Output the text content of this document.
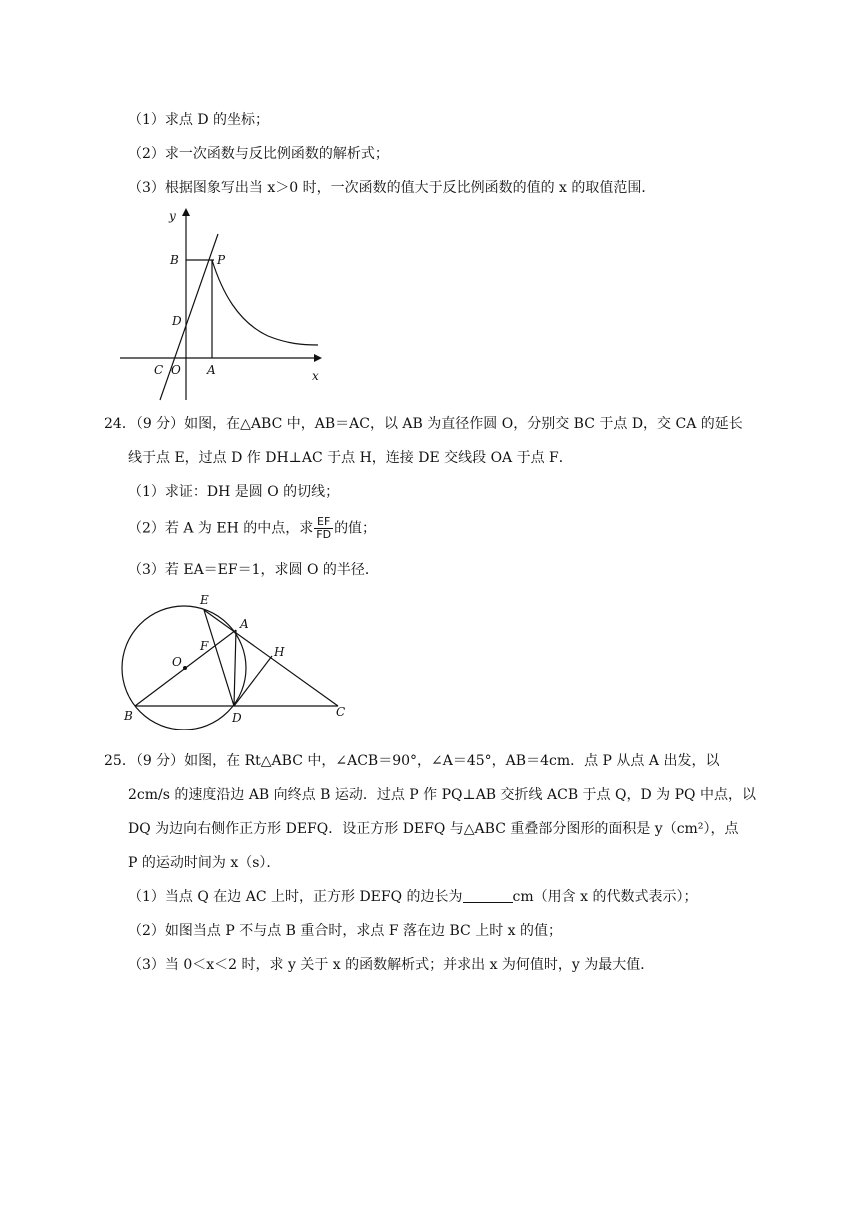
（1）求点 D 的坐标；
（2）求一次函数与反比例函数的解析式；
（3）根据图象写出当 x＞0 时，一次函数的值大于反比例函数的值的 x 的取值范围．
y
x
B	P
D
C O A
24．（9 分）如图，在△ABC 中，AB＝AC，以 AB 为直径作圆 O，分别交 BC 于点 D，交 CA 的延长
线于点 E，过点 D 作 DH⊥AC 于点 H，连接 DE 交线段 OA 于点 F．
（1）求证：DH 是圆 O 的切线；
（2）若 A 为 EH 的中点，求 $\frac{EF}{FD}$ 的值；
（3）若 EA＝EF＝1，求圆 O 的半径．
E
A
F
O
H
B	D	C
25．（9 分）如图，在 Rt△ABC 中，∠ACB＝90°，∠A＝45°，AB＝4cm．点 P 从点 A 出发，以
2cm/s 的速度沿边 AB 向终点 B 运动．过点 P 作 PQ⊥AB 交折线 ACB 于点 Q，D 为 PQ 中点，以
DQ 为边向右侧作正方形 DEFQ．设正方形 DEFQ 与△ABC 重叠部分图形的面积是 y（cm²），点
P 的运动时间为 x（s）．
（1）当点 Q 在边 AC 上时，正方形 DEFQ 的边长为	cm（用含 x 的代数式表示）；
（2）如图当点 P 不与点 B 重合时，求点 F 落在边 BC 上时 x 的值；
（3）当 0＜x＜2 时，求 y 关于 x 的函数解析式；并求出 x 为何值时，y 为最大值．
